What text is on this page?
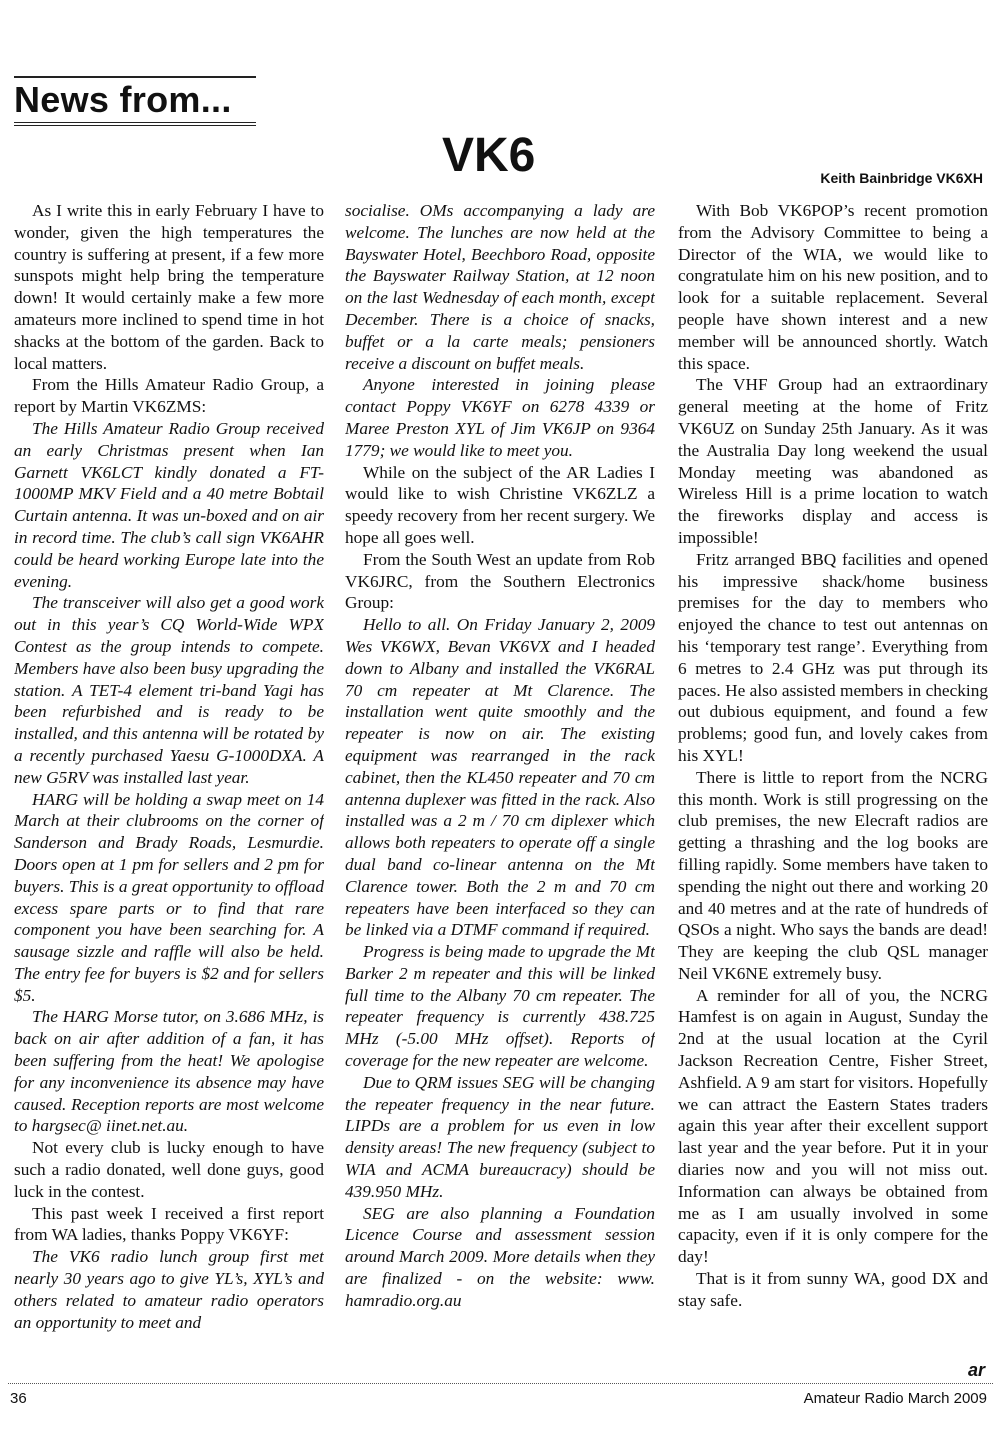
News from...
VK6	Keith Bainbridge VK6XH

As I write this in early February I have to wonder, given the high temperatures the country is suffering at present, if a few more sunspots might help bring the temperature down! It would certainly make a few more amateurs more inclined to spend time in hot shacks at the bottom of the garden. Back to local matters.

From the Hills Amateur Radio Group, a report by Martin VK6ZMS:

The Hills Amateur Radio Group received an early Christmas present when Ian Garnett VK6LCT kindly donated a FT-1000MP MKV Field and a 40 metre Bobtail Curtain antenna. It was un-boxed and on air in record time. The club’s call sign VK6AHR could be heard working Europe late into the evening.

The transceiver will also get a good work out in this year’s CQ World-Wide WPX Contest as the group intends to compete. Members have also been busy upgrading the station. A TET-4 element tri-band Yagi has been refurbished and is ready to be installed, and this antenna will be rotated by a recently purchased Yaesu G-1000DXA. A new G5RV was installed last year.

HARG will be holding a swap meet on 14 March at their clubrooms on the corner of Sanderson and Brady Roads, Lesmurdie. Doors open at 1 pm for sellers and 2 pm for buyers. This is a great opportunity to offload excess spare parts or to find that rare component you have been searching for. A sausage sizzle and raffle will also be held. The entry fee for buyers is $2 and for sellers $5.

The HARG Morse tutor, on 3.686 MHz, is back on air after addition of a fan, it has been suffering from the heat! We apologise for any inconvenience its absence may have caused. Reception reports are most welcome to hargsec@ iinet.net.au.

Not every club is lucky enough to have such a radio donated, well done guys, good luck in the contest.

This past week I received a first report from WA ladies, thanks Poppy VK6YF:

The VK6 radio lunch group first met nearly 30 years ago to give YL’s, XYL’s and others related to amateur radio operators an opportunity to meet and

socialise. OMs accompanying a lady are welcome. The lunches are now held at the Bayswater Hotel, Beechboro Road, opposite the Bayswater Railway Station, at 12 noon on the last Wednesday of each month, except December. There is a choice of snacks, buffet or a la carte meals; pensioners receive a discount on buffet meals.

Anyone interested in joining please contact Poppy VK6YF on 6278 4339 or Maree Preston XYL of Jim VK6JP on 9364 1779; we would like to meet you.

While on the subject of the AR Ladies I would like to wish Christine VK6ZLZ a speedy recovery from her recent surgery. We hope all goes well.

From the South West an update from Rob VK6JRC, from the Southern Electronics Group:

Hello to all. On Friday January 2, 2009 Wes VK6WX, Bevan VK6VX and I headed down to Albany and installed the VK6RAL 70 cm repeater at Mt Clarence. The installation went quite smoothly and the repeater is now on air. The existing equipment was rearranged in the rack cabinet, then the KL450 repeater and 70 cm antenna duplexer was fitted in the rack. Also installed was a 2 m / 70 cm diplexer which allows both repeaters to operate off a single dual band co-linear antenna on the Mt Clarence tower. Both the 2 m and 70 cm repeaters have been interfaced so they can be linked via a DTMF command if required.

Progress is being made to upgrade the Mt Barker 2 m repeater and this will be linked full time to the Albany 70 cm repeater. The repeater frequency is currently 438.725 MHz (-5.00 MHz offset). Reports of coverage for the new repeater are welcome.

Due to QRM issues SEG will be changing the repeater frequency in the near future. LIPDs are a problem for us even in low density areas! The new frequency (subject to WIA and ACMA bureaucracy) should be 439.950 MHz.

SEG are also planning a Foundation Licence Course and assessment session around March 2009. More details when they are finalized - on the website: www. hamradio.org.au

With Bob VK6POP’s recent promotion from the Advisory Committee to being a Director of the WIA, we would like to congratulate him on his new position, and to look for a suitable replacement. Several people have shown interest and a new member will be announced shortly. Watch this space.

The VHF Group had an extraordinary general meeting at the home of Fritz VK6UZ on Sunday 25th January. As it was the Australia Day long weekend the usual Monday meeting was abandoned as Wireless Hill is a prime location to watch the fireworks display and access is impossible!

Fritz arranged BBQ facilities and opened his impressive shack/home business premises for the day to members who enjoyed the chance to test out antennas on his ‘temporary test range’. Everything from 6 metres to 2.4 GHz was put through its paces. He also assisted members in checking out dubious equipment, and found a few problems; good fun, and lovely cakes from his XYL!

There is little to report from the NCRG this month. Work is still progressing on the club premises, the new Elecraft radios are getting a thrashing and the log books are filling rapidly. Some members have taken to spending the night out there and working 20 and 40 metres and at the rate of hundreds of QSOs a night. Who says the bands are dead! They are keeping the club QSL manager Neil VK6NE extremely busy.

A reminder for all of you, the NCRG Hamfest is on again in August, Sunday the 2nd at the usual location at the Cyril Jackson Recreation Centre, Fisher Street, Ashfield. A 9 am start for visitors. Hopefully we can attract the Eastern States traders again this year after their excellent support last year and the year before. Put it in your diaries now and you will not miss out. Information can always be obtained from me as I am usually involved in some capacity, even if it is only compere for the day!

That is it from sunny WA, good DX and stay safe.

ar
36	Amateur Radio March 2009
